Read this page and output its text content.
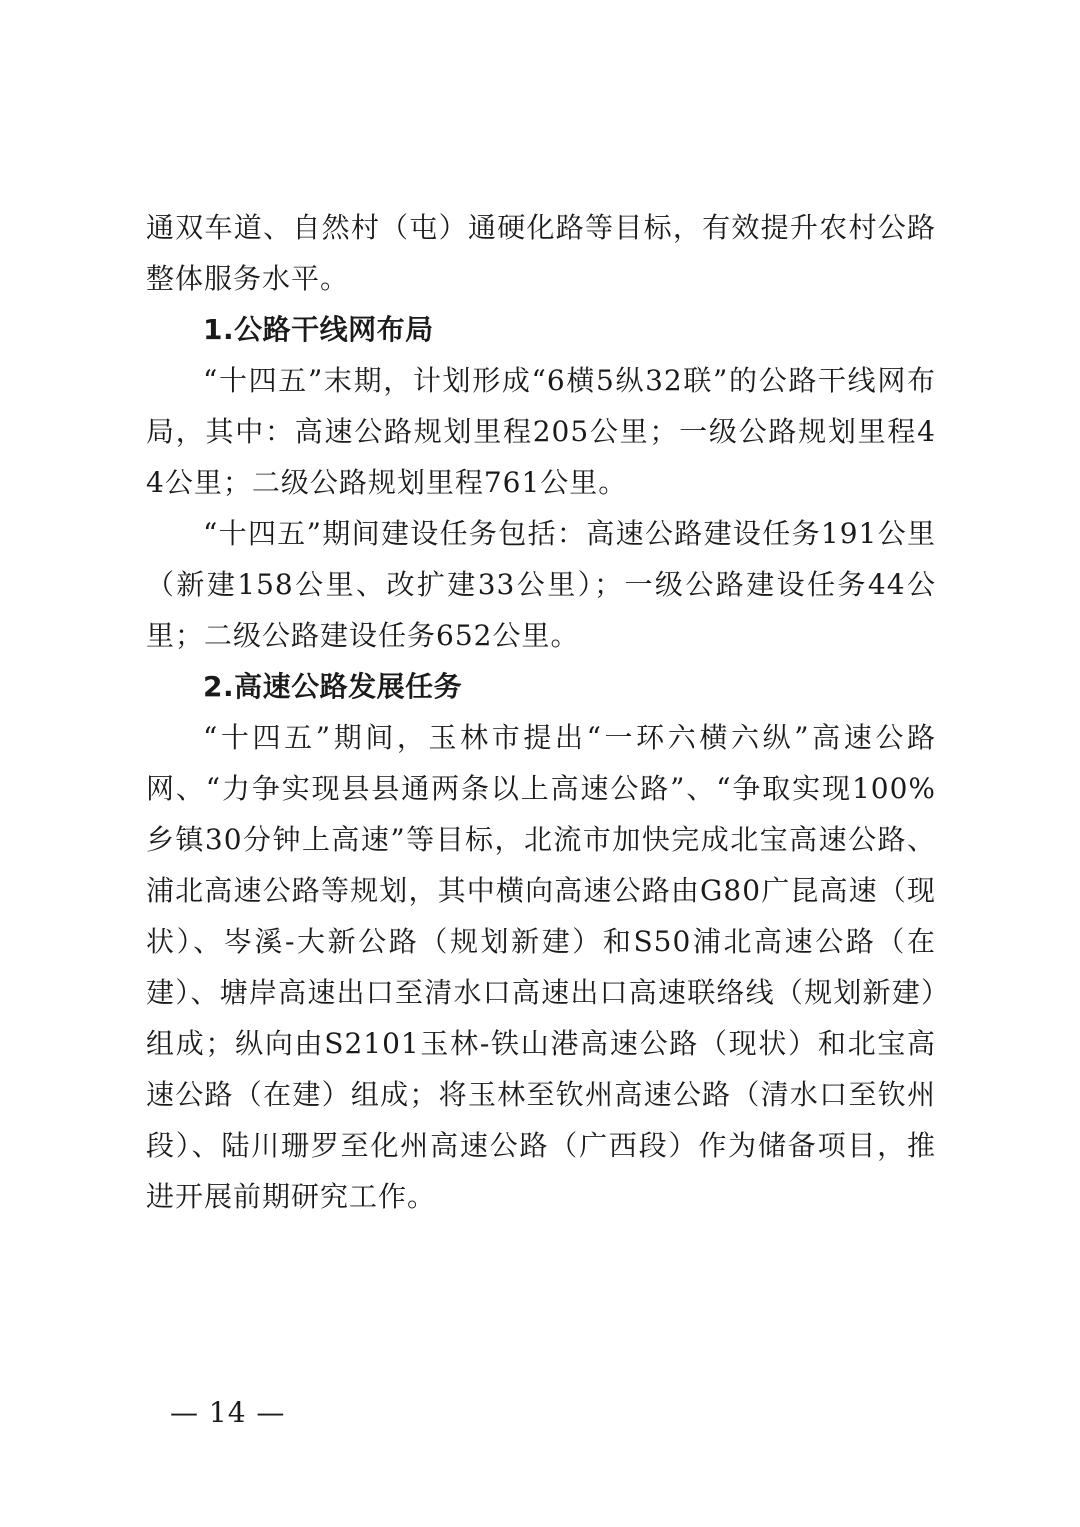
通双车道、自然村（屯）通硬化路等目标，有效提升农村公路整体服务水平。

1.公路干线网布局

“十四五”末期，计划形成“6横5纵32联”的公路干线网布局，其中：高速公路规划里程205公里；一级公路规划里程44公里；二级公路规划里程761公里。

“十四五”期间建设任务包括：高速公路建设任务191公里（新建158公里、改扩建33公里）；一级公路建设任务44公里；二级公路建设任务652公里。

2.高速公路发展任务

“十四五”期间，玉林市提出“一环六横六纵”高速公路网、“力争实现县县通两条以上高速公路”、“争取实现100%乡镇30分钟上高速”等目标，北流市加快完成北宝高速公路、浦北高速公路等规划，其中横向高速公路由G80广昆高速（现状）、岑溪-大新公路（规划新建）和S50浦北高速公路（在建）、塘岸高速出口至清水口高速出口高速联络线（规划新建）组成；纵向由S2101玉林-铁山港高速公路（现状）和北宝高速公路（在建）组成；将玉林至钦州高速公路（清水口至钦州段）、陆川珊罗至化州高速公路（广西段）作为储备项目，推进开展前期研究工作。

— 14 —
